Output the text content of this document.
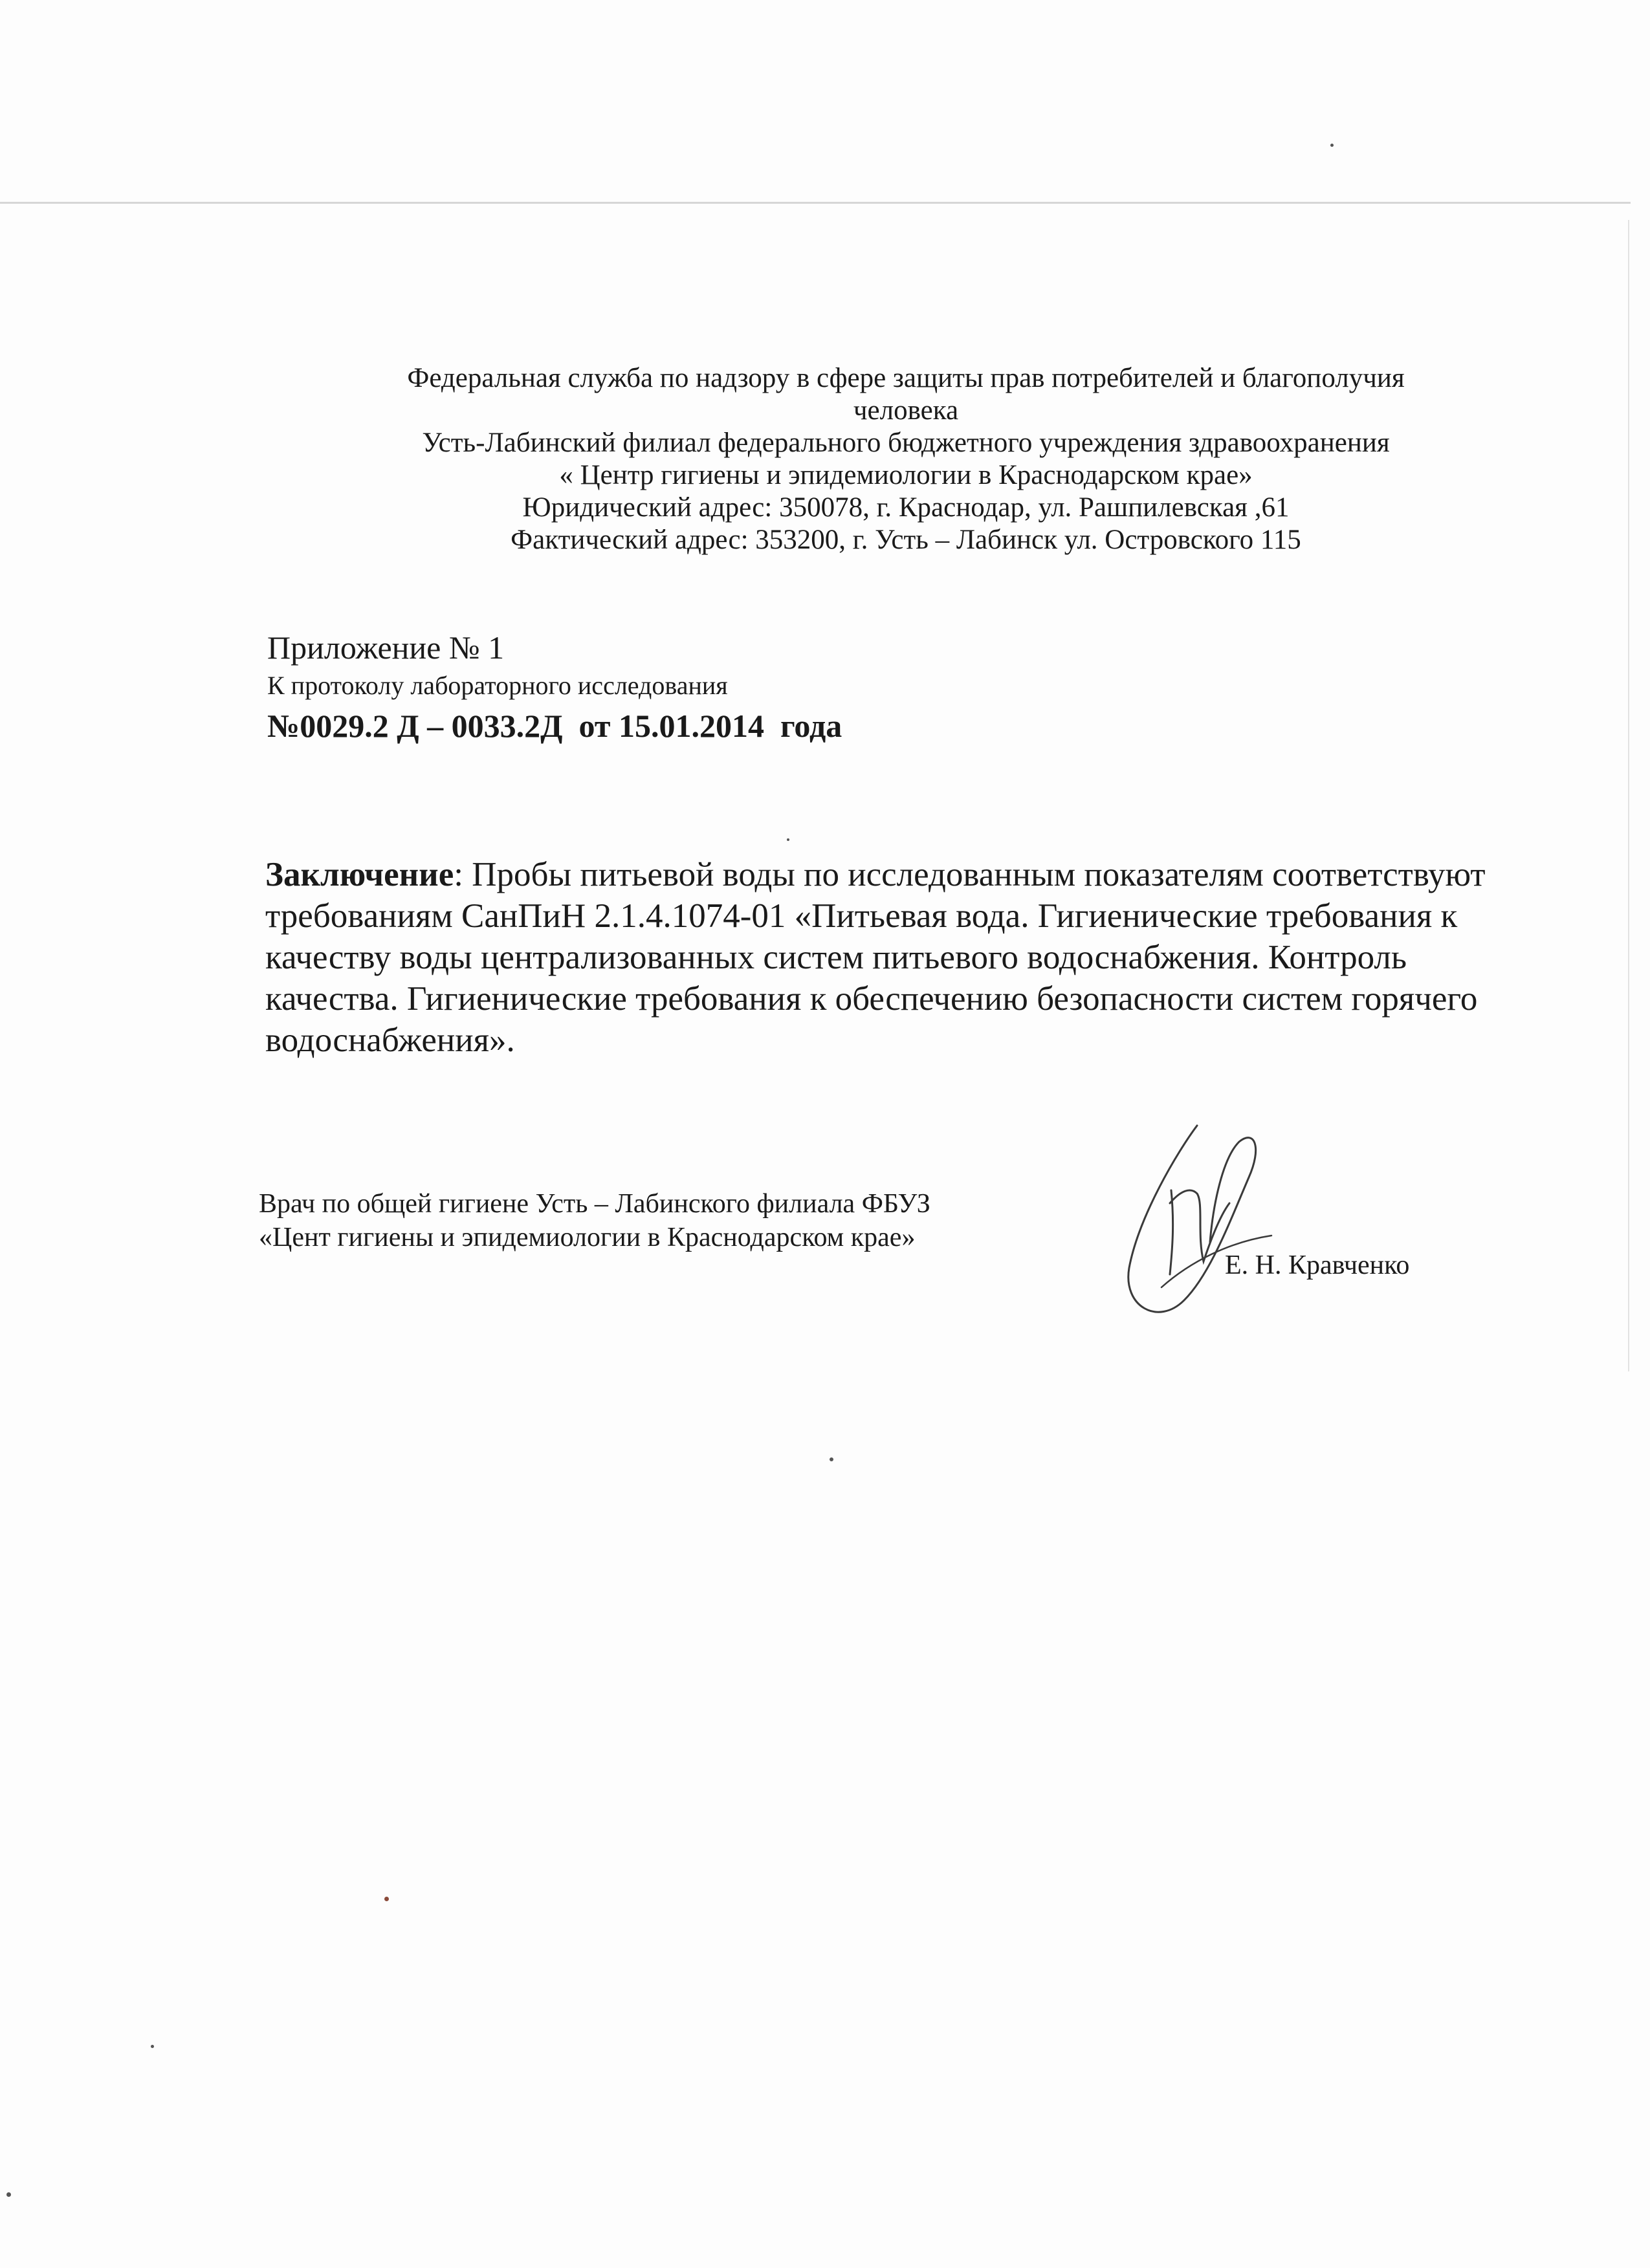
Федеральная служба по надзору в сфере защиты прав потребителей и благополучия
человека
Усть-Лабинский филиал федерального бюджетного учреждения здравоохранения
« Центр гигиены и эпидемиологии в Краснодарском крае»
Юридический адрес: 350078, г. Краснодар, ул. Рашпилевская ,61
Фактический адрес: 353200, г. Усть – Лабинск ул. Островского 115
Приложение № 1
К протоколу лабораторного исследования
№0029.2 Д – 0033.2Д  от 15.01.2014  года
Заключение: Пробы питьевой воды по исследованным показателям соответствуют требованиям СанПиН 2.1.4.1074-01 «Питьевая вода. Гигиенические требования к качеству воды централизованных систем питьевого водоснабжения. Контроль качества. Гигиенические требования к обеспечению безопасности систем горячего водоснабжения».
Врач по общей гигиене Усть – Лабинского филиала ФБУЗ
«Цент гигиены и эпидемиологии в Краснодарском крае»
Е. Н. Кравченко
